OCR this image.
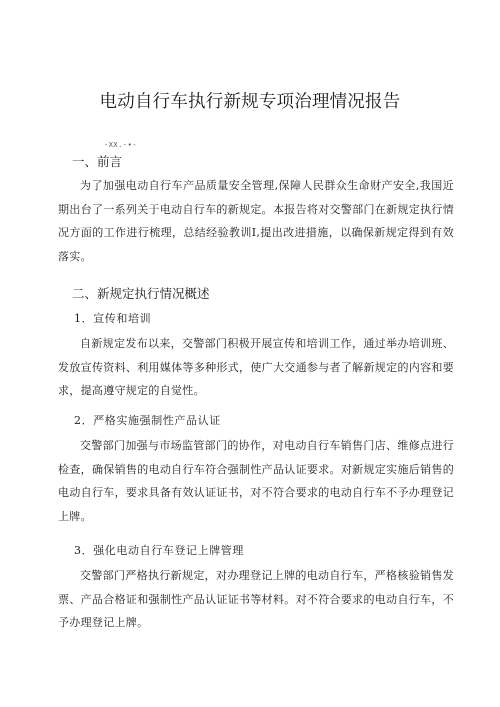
电动自行车执行新规专项治理情况报告
-XX.-•-
一、前言

为了加强电动自行车产品质量安全管理,保障人民群众生命财产安全,我国近期出台了一系列关于电动自行车的新规定。本报告将对交警部门在新规定执行情况方面的工作进行梳理，总结经验教训I,提出改进措施，以确保新规定得到有效落实。

二、新规定执行情况概述
1．宣传和培训

自新规定发布以来，交警部门积极开展宣传和培训工作，通过举办培训班、发放宣传资料、利用媒体等多种形式，使广大交通参与者了解新规定的内容和要求，提高遵守规定的自觉性。

2．严格实施强制性产品认证

交警部门加强与市场监管部门的协作，对电动自行车销售门店、维修点进行检查，确保销售的电动自行车符合强制性产品认证要求。对新规定实施后销售的电动自行车，要求具备有效认证证书，对不符合要求的电动自行车不予办理登记上牌。

3．强化电动自行车登记上牌管理

交警部门严格执行新规定，对办理登记上牌的电动自行车，严格核验销售发票、产品合格证和强制性产品认证证书等材料。对不符合要求的电动自行车，不予办理登记上牌。
